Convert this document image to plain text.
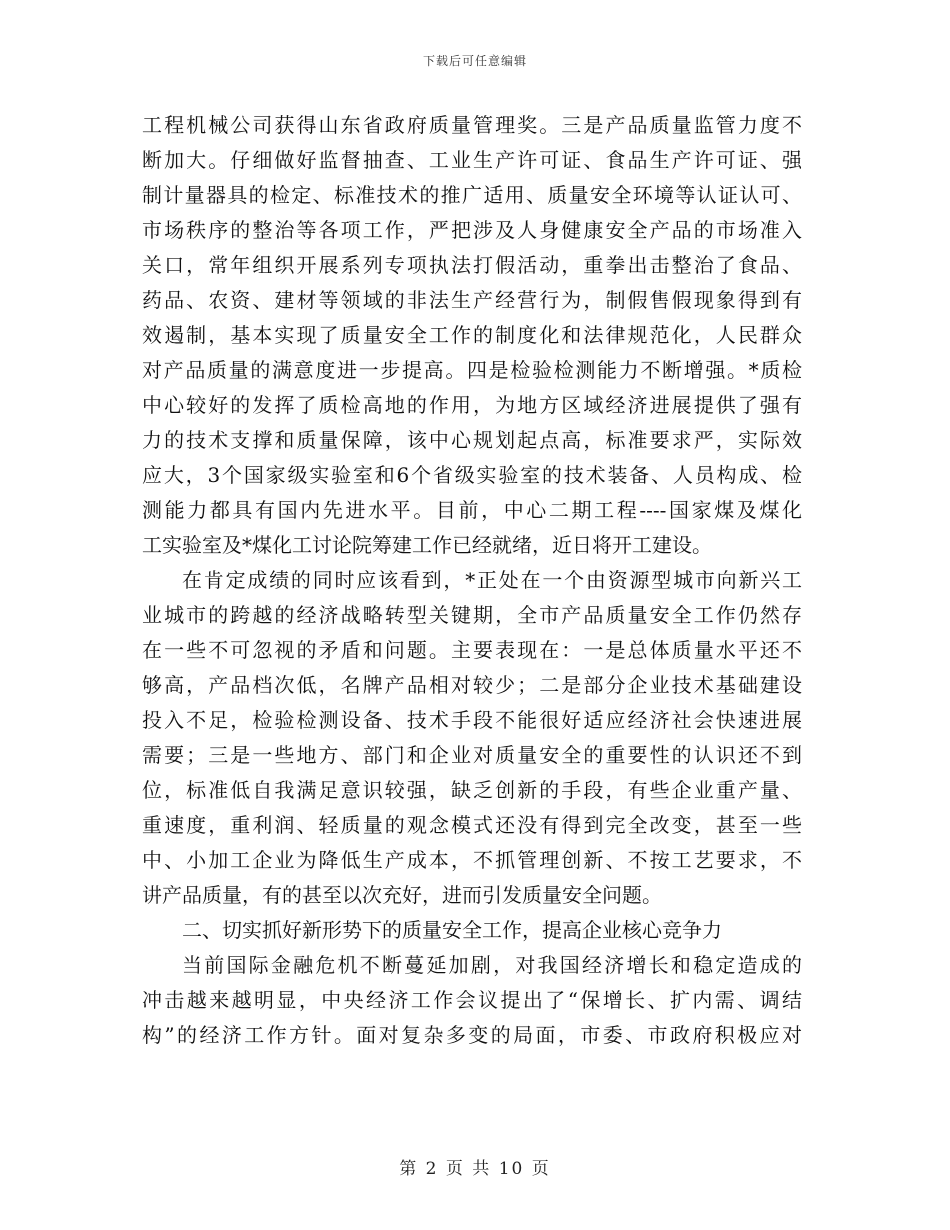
下载后可任意编辑
工程机械公司获得山东省政府质量管理奖。三是产品质量监管力度不
断加大。仔细做好监督抽查、工业生产许可证、食品生产许可证、强
制计量器具的检定、标准技术的推广适用、质量安全环境等认证认可、
市场秩序的整治等各项工作，严把涉及人身健康安全产品的市场准入
关口，常年组织开展系列专项执法打假活动，重拳出击整治了食品、
药品、农资、建材等领域的非法生产经营行为，制假售假现象得到有
效遏制，基本实现了质量安全工作的制度化和法律规范化，人民群众
对产品质量的满意度进一步提高。四是检验检测能力不断增强。*质检
中心较好的发挥了质检高地的作用，为地方区域经济进展提供了强有
力的技术支撑和质量保障，该中心规划起点高，标准要求严，实际效
应大，3个国家级实验室和6个省级实验室的技术装备、人员构成、检
测能力都具有国内先进水平。目前，中心二期工程----国家煤及煤化
工实验室及*煤化工讨论院筹建工作已经就绪，近日将开工建设。
在肯定成绩的同时应该看到，*正处在一个由资源型城市向新兴工
业城市的跨越的经济战略转型关键期，全市产品质量安全工作仍然存
在一些不可忽视的矛盾和问题。主要表现在：一是总体质量水平还不
够高，产品档次低，名牌产品相对较少；二是部分企业技术基础建设
投入不足，检验检测设备、技术手段不能很好适应经济社会快速进展
需要；三是一些地方、部门和企业对质量安全的重要性的认识还不到
位，标准低自我满足意识较强，缺乏创新的手段，有些企业重产量、
重速度，重利润、轻质量的观念模式还没有得到完全改变，甚至一些
中、小加工企业为降低生产成本，不抓管理创新、不按工艺要求，不
讲产品质量，有的甚至以次充好，进而引发质量安全问题。
二、切实抓好新形势下的质量安全工作，提高企业核心竞争力
当前国际金融危机不断蔓延加剧，对我国经济增长和稳定造成的
冲击越来越明显，中央经济工作会议提出了“保增长、扩内需、调结
构”的经济工作方针。面对复杂多变的局面，市委、市政府积极应对
第 2 页 共 10 页
